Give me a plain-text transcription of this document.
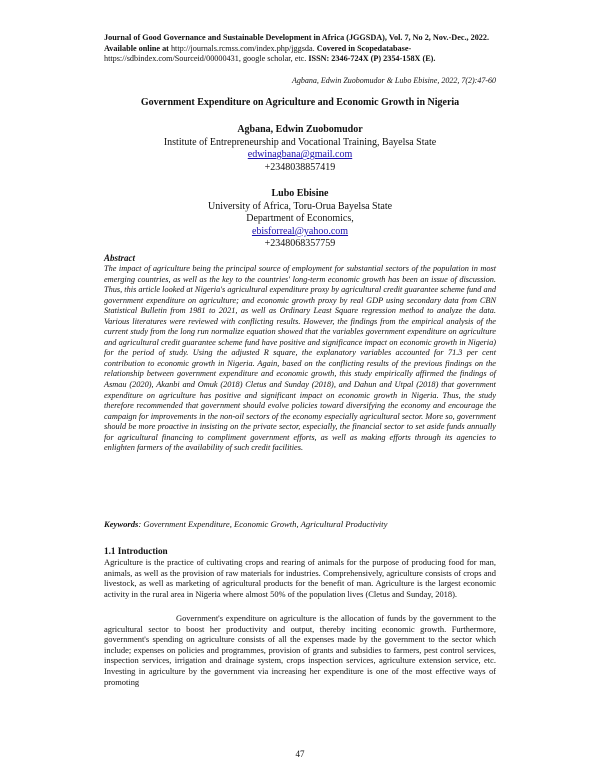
Journal of Good Governance and Sustainable Development in Africa (JGGSDA), Vol. 7, No 2, Nov.-Dec., 2022. Available online at http://journals.rcmss.com/index.php/jggsda. Covered in Scopedatabase- https://sdbindex.com/Sourceid/00000431, google scholar, etc. ISSN: 2346-724X (P) 2354-158X (E).
Agbana, Edwin Zuobomudor & Lubo Ebisine, 2022, 7(2):47-60
Government Expenditure on Agriculture and Economic Growth in Nigeria
Agbana, Edwin Zuobomudor
Institute of Entrepreneurship and Vocational Training, Bayelsa State
edwinagbana@gmail.com
+2348038857419
Lubo Ebisine
University of Africa, Toru-Orua Bayelsa State
Department of Economics,
ebisforreal@yahoo.com
+2348068357759
Abstract
The impact of agriculture being the principal source of employment for substantial sectors of the population in most emerging countries, as well as the key to the countries' long-term economic growth has been an issue of discussion. Thus, this article looked at Nigeria's agricultural expenditure proxy by agricultural credit guarantee scheme fund and government expenditure on agriculture; and economic growth proxy by real GDP using secondary data from CBN Statistical Bulletin from 1981 to 2021, as well as Ordinary Least Square regression method to analyze the data. Various literatures were reviewed with conflicting results. However, the findings from the empirical analysis of the current study from the long run normalize equation showed that the variables government expenditure on agriculture and agricultural credit guarantee scheme fund have positive and significance impact on economic growth in Nigeria) for the period of study. Using the adjusted R square, the explanatory variables accounted for 71.3 per cent contribution to economic growth in Nigeria. Again, based on the conflicting results of the previous findings on the relationship between government expenditure and economic growth, this study empirically affirmed the findings of Asmau (2020), Akanbi and Omuk (2018) Cletus and Sunday (2018), and Dahun and Utpal (2018) that government expenditure on agriculture has positive and significant impact on economic growth in Nigeria. Thus, the study therefore recommended that government should evolve policies toward diversifying the economy and encourage the campaign for improvements in the non-oil sectors of the economy especially agricultural sector. More so, government should be more proactive in insisting on the private sector, especially, the financial sector to set aside funds annually for agricultural financing to compliment government efforts, as well as making efforts through its agencies to enlighten farmers of the availability of such credit facilities.
Keywords: Government Expenditure, Economic Growth, Agricultural Productivity
1.1 Introduction
Agriculture is the practice of cultivating crops and rearing of animals for the purpose of producing food for man, animals, as well as the provision of raw materials for industries. Comprehensively, agriculture consists of crops and livestock, as well as marketing of agricultural products for the benefit of man. Agriculture is the largest economic activity in the rural area in Nigeria where almost 50% of the population lives (Cletus and Sunday, 2018).
Government's expenditure on agriculture is the allocation of funds by the government to the agricultural sector to boost her productivity and output, thereby inciting economic growth. Furthermore, government's spending on agriculture consists of all the expenses made by the government to the sector which include; expenses on policies and programmes, provision of grants and subsidies to farmers, pest control services, inspection services, irrigation and drainage system, crops inspection services, agriculture extension service, etc. Investing in agriculture by the government via increasing her expenditure is one of the most effective ways of promoting
47
